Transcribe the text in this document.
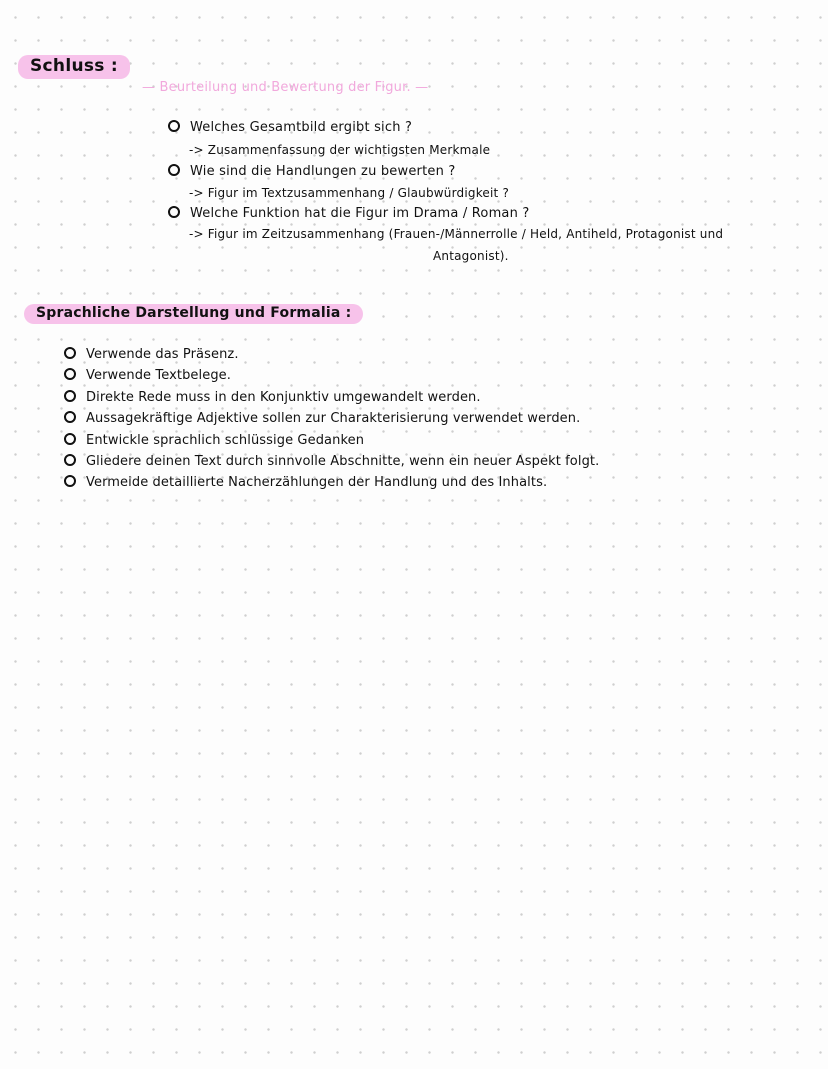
Schluss :
— Beurteilung und Bewertung der Figur. —
Welches Gesamtbild ergibt sich ?
-> Zusammenfassung der wichtigsten Merkmale
Wie sind die Handlungen zu bewerten ?
-> Figur im Textzusammenhang / Glaubwürdigkeit ?
Welche Funktion hat die Figur im Drama / Roman ?
-> Figur im Zeitzusammenhang (Frauen-/Männerrolle / Held, Antiheld, Protagonist und
Antagonist).
Sprachliche Darstellung und Formalia :
Verwende das Präsenz.
Verwende Textbelege.
Direkte Rede muss in den Konjunktiv umgewandelt werden.
Aussagekräftige Adjektive sollen zur Charakterisierung verwendet werden.
Entwickle sprachlich schlüssige Gedanken
Gliedere deinen Text durch sinnvolle Abschnitte, wenn ein neuer Aspekt folgt.
Vermeide detaillierte Nacherzählungen der Handlung und des Inhalts.
